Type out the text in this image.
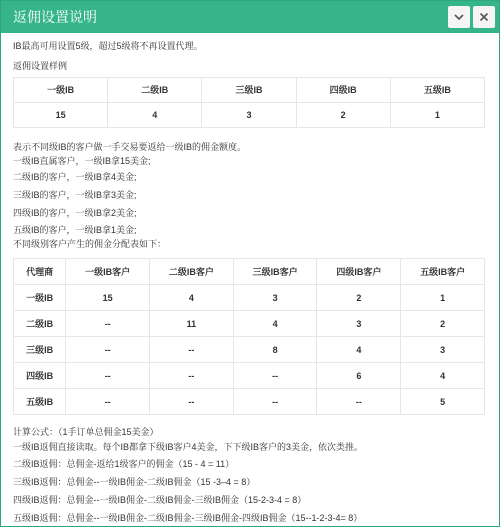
返佣设置说明

IB最高可用设置5级，超过5级将不再设置代理。

返佣设置样例

一级IB	二级IB	三级IB	四级IB	五级IB
15	4	3	2	1

表示不同级IB的客户做一手交易要返给一级IB的佣金额度。

一级IB直属客户，一级IB拿15美金;

二级IB的客户，一级IB拿4美金;

三级IB的客户，一级IB拿3美金;

四级IB的客户，一级IB拿2美金;

五级IB的客户，一级IB拿1美金;

不同级别客户产生的佣金分配表如下：

代理商	一级IB客户	二级IB客户	三级IB客户	四级IB客户	五级IB客户
一级IB	15	4	3	2	1
二级IB	--	11	4	3	2
三级IB	--	--	8	4	3
四级IB	--	--	--	6	4
五级IB	--	--	--	--	5

计算公式：（1手订单总佣金15美金）

一级IB返佣直接读取。每个IB都拿下级IB客户4美金，下下级IB客户的3美金，依次类推。

二级IB返佣：总佣金-返给1级客户的佣金（15 - 4 = 11）

三级IB返佣：总佣金--一级IB佣金-二级IB佣金（15 -3–4 = 8）

四级IB返佣：总佣金--一级IB佣金-二级IB佣金-三级IB佣金（15-2-3-4 = 8）

五级IB返佣：总佣金--一级IB佣金-二级IB佣金-三级IB佣金-四级IB佣金（15--1-2-3-4= 8）
